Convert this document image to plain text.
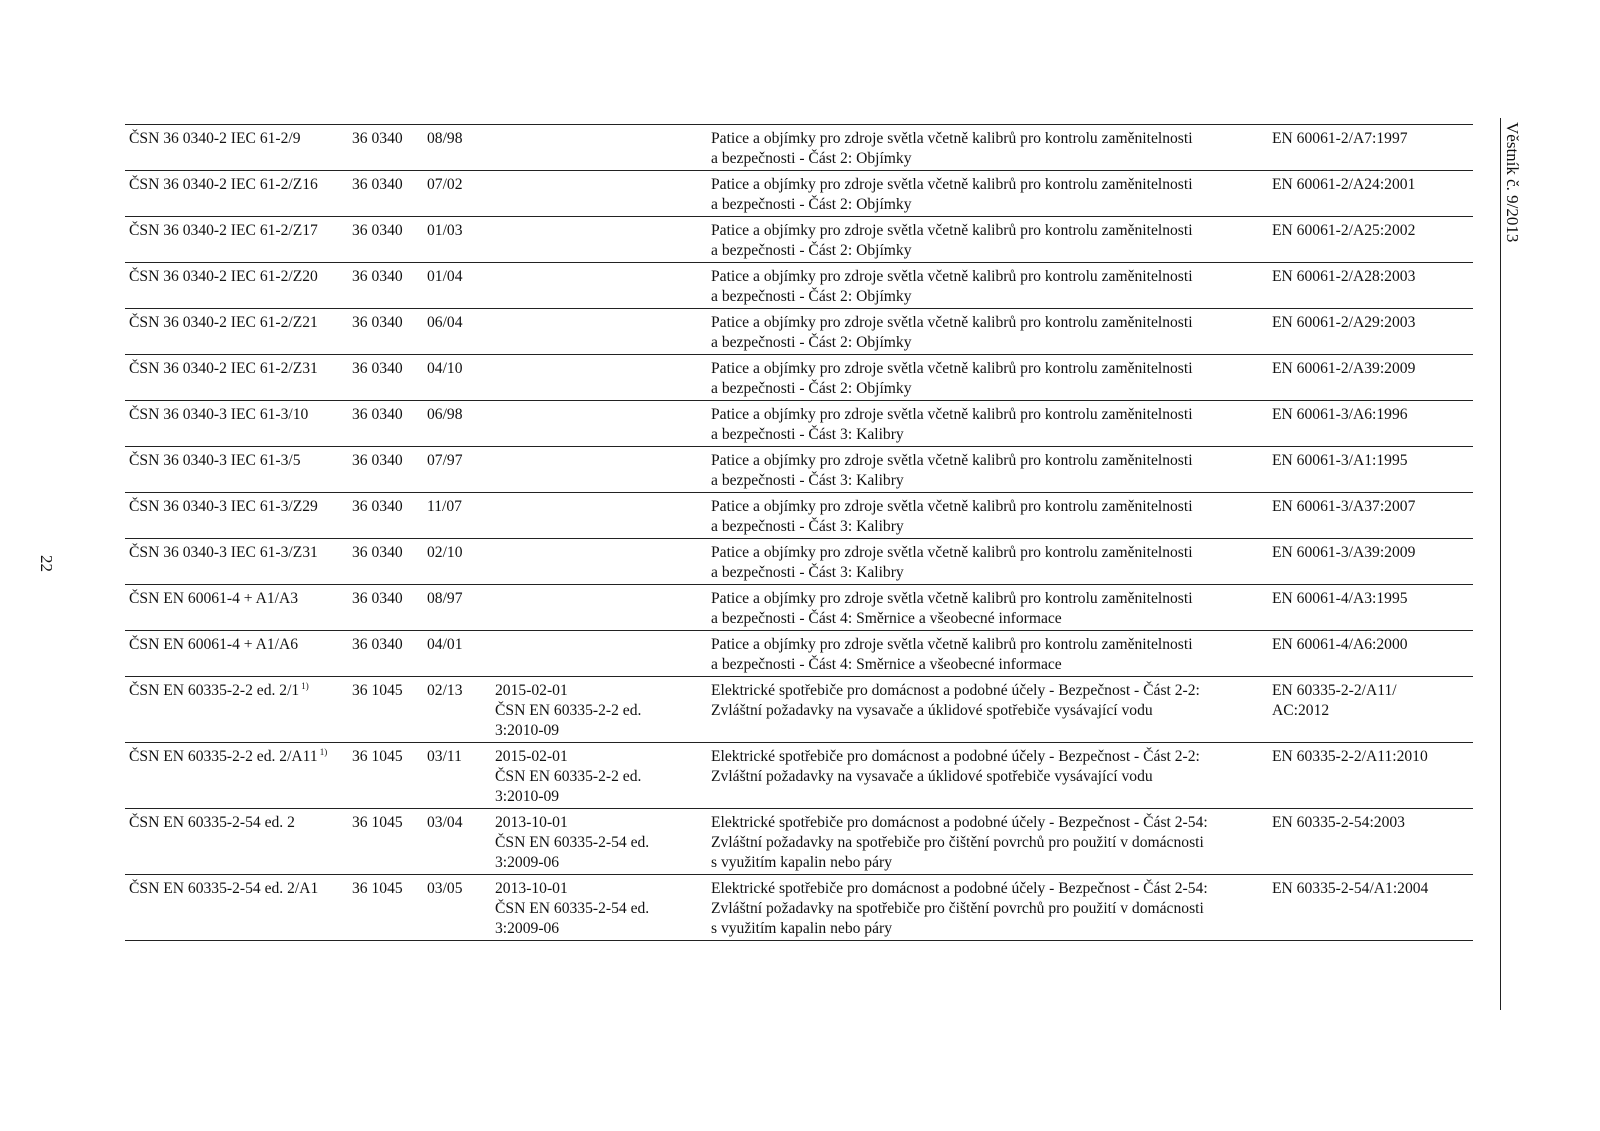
22
Věstník č. 9/2013
ČSN 36 0340-2 IEC 61-2/9	36 0340	08/98		Patice a objímky pro zdroje světla včetně kalibrů pro kontrolu zaměnitelnosti
a bezpečnosti - Část 2: Objímky	EN 60061-2/A7:1997

ČSN 36 0340-2 IEC 61-2/Z16	36 0340	07/02		Patice a objímky pro zdroje světla včetně kalibrů pro kontrolu zaměnitelnosti
a bezpečnosti - Část 2: Objímky	EN 60061-2/A24:2001

ČSN 36 0340-2 IEC 61-2/Z17	36 0340	01/03		Patice a objímky pro zdroje světla včetně kalibrů pro kontrolu zaměnitelnosti
a bezpečnosti - Část 2: Objímky	EN 60061-2/A25:2002

ČSN 36 0340-2 IEC 61-2/Z20	36 0340	01/04		Patice a objímky pro zdroje světla včetně kalibrů pro kontrolu zaměnitelnosti
a bezpečnosti - Část 2: Objímky	EN 60061-2/A28:2003

ČSN 36 0340-2 IEC 61-2/Z21	36 0340	06/04		Patice a objímky pro zdroje světla včetně kalibrů pro kontrolu zaměnitelnosti
a bezpečnosti - Část 2: Objímky	EN 60061-2/A29:2003

ČSN 36 0340-2 IEC 61-2/Z31	36 0340	04/10		Patice a objímky pro zdroje světla včetně kalibrů pro kontrolu zaměnitelnosti
a bezpečnosti - Část 2: Objímky	EN 60061-2/A39:2009

ČSN 36 0340-3 IEC 61-3/10	36 0340	06/98		Patice a objímky pro zdroje světla včetně kalibrů pro kontrolu zaměnitelnosti
a bezpečnosti - Část 3: Kalibry	EN 60061-3/A6:1996

ČSN 36 0340-3 IEC 61-3/5	36 0340	07/97		Patice a objímky pro zdroje světla včetně kalibrů pro kontrolu zaměnitelnosti
a bezpečnosti - Část 3: Kalibry	EN 60061-3/A1:1995

ČSN 36 0340-3 IEC 61-3/Z29	36 0340	11/07		Patice a objímky pro zdroje světla včetně kalibrů pro kontrolu zaměnitelnosti
a bezpečnosti - Část 3: Kalibry	EN 60061-3/A37:2007

ČSN 36 0340-3 IEC 61-3/Z31	36 0340	02/10		Patice a objímky pro zdroje světla včetně kalibrů pro kontrolu zaměnitelnosti
a bezpečnosti - Část 3: Kalibry	EN 60061-3/A39:2009

ČSN EN 60061-4 + A1/A3	36 0340	08/97		Patice a objímky pro zdroje světla včetně kalibrů pro kontrolu zaměnitelnosti
a bezpečnosti - Část 4: Směrnice a všeobecné informace	EN 60061-4/A3:1995

ČSN EN 60061-4 + A1/A6	36 0340	04/01		Patice a objímky pro zdroje světla včetně kalibrů pro kontrolu zaměnitelnosti
a bezpečnosti - Část 4: Směrnice a všeobecné informace	EN 60061-4/A6:2000

ČSN EN 60335-2-2 ed. 2/1 $^{1)}$	36 1045	02/13	2015-02-01
ČSN EN 60335-2-2 ed.
3:2010-09	Elektrické spotřebiče pro domácnost a podobné účely - Bezpečnost - Část 2-2:
Zvláštní požadavky na vysavače a úklidové spotřebiče vysávající vodu	EN 60335-2-2/A11/
AC:2012

ČSN EN 60335-2-2 ed. 2/A11 $^{1)}$	36 1045	03/11	2015-02-01
ČSN EN 60335-2-2 ed.
3:2010-09	Elektrické spotřebiče pro domácnost a podobné účely - Bezpečnost - Část 2-2:
Zvláštní požadavky na vysavače a úklidové spotřebiče vysávající vodu	EN 60335-2-2/A11:2010

ČSN EN 60335-2-54 ed. 2	36 1045	03/04	2013-10-01
ČSN EN 60335-2-54 ed.
3:2009-06	Elektrické spotřebiče pro domácnost a podobné účely - Bezpečnost - Část 2-54:
Zvláštní požadavky na spotřebiče pro čištění povrchů pro použití v domácnosti
s využitím kapalin nebo páry	EN 60335-2-54:2003

ČSN EN 60335-2-54 ed. 2/A1	36 1045	03/05	2013-10-01
ČSN EN 60335-2-54 ed.
3:2009-06	Elektrické spotřebiče pro domácnost a podobné účely - Bezpečnost - Část 2-54:
Zvláštní požadavky na spotřebiče pro čištění povrchů pro použití v domácnosti
s využitím kapalin nebo páry	EN 60335-2-54/A1:2004
